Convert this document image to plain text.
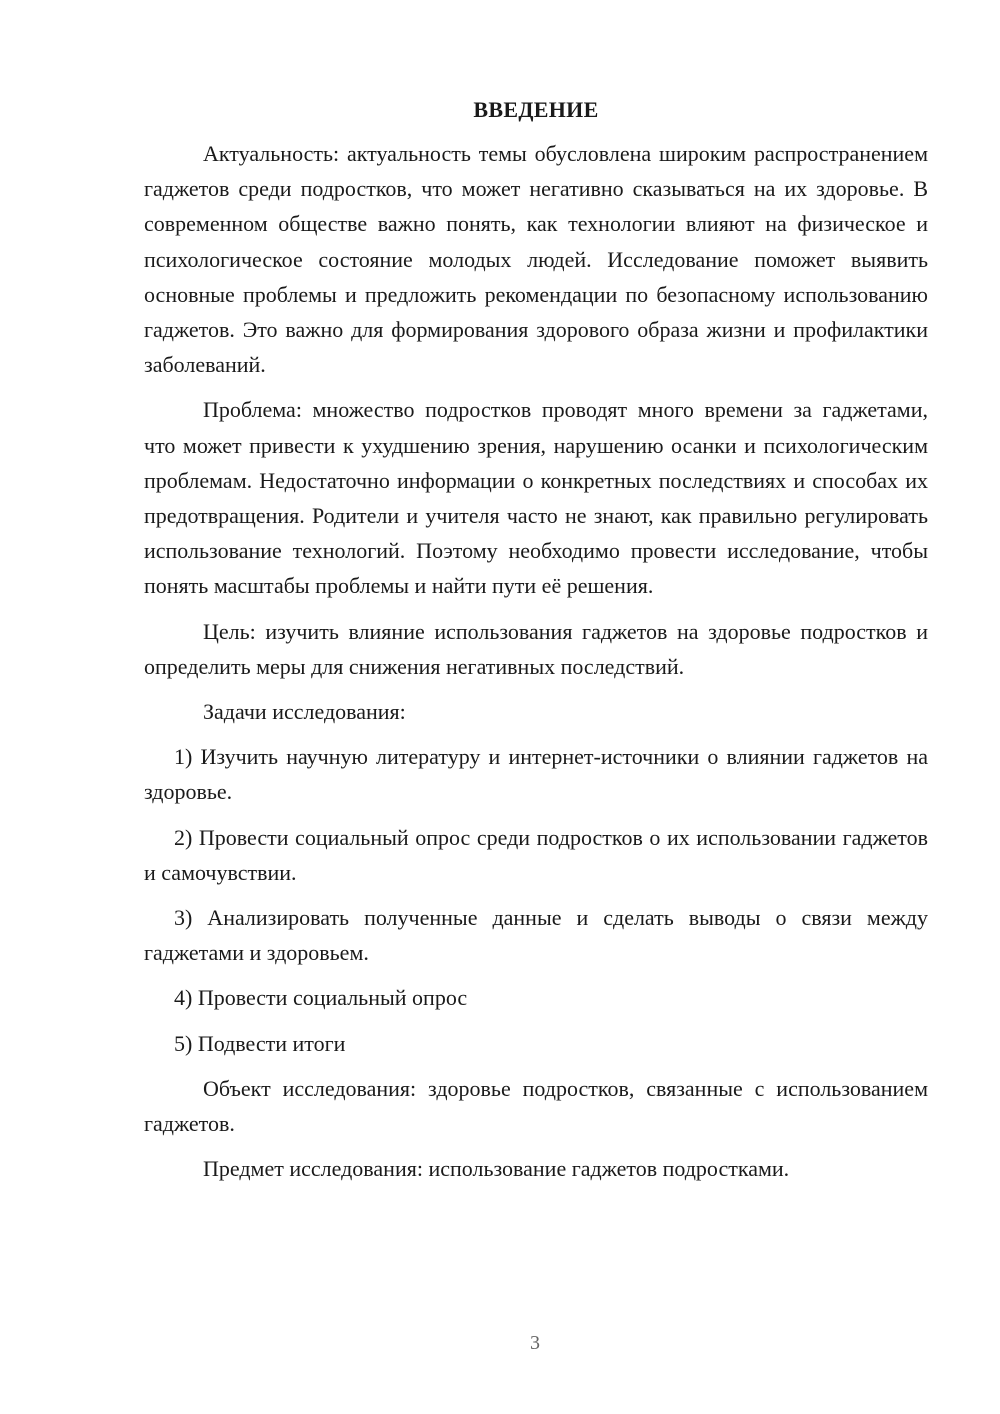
ВВЕДЕНИЕ

Актуальность: актуальность темы обусловлена широким распространением гаджетов среди подростков, что может негативно сказываться на их здоровье. В современном обществе важно понять, как технологии влияют на физическое и психологическое состояние молодых людей. Исследование поможет выявить основные проблемы и предложить рекомендации по безопасному использованию гаджетов. Это важно для формирования здорового образа жизни и профилактики заболеваний.

Проблема: множество подростков проводят много времени за гаджетами, что может привести к ухудшению зрения, нарушению осанки и психологическим проблемам. Недостаточно информации о конкретных последствиях и способах их предотвращения. Родители и учителя часто не знают, как правильно регулировать использование технологий. Поэтому необходимо провести исследование, чтобы понять масштабы проблемы и найти пути её решения.

Цель: изучить влияние использования гаджетов на здоровье подростков и определить меры для снижения негативных последствий.

Задачи исследования:

1) Изучить научную литературу и интернет-источники о влиянии гаджетов на здоровье.

2) Провести социальный опрос среди подростков о их использовании гаджетов и самочувствии.

3) Анализировать полученные данные и сделать выводы о связи между гаджетами и здоровьем.

4) Провести социальный опрос

5) Подвести итоги

Объект исследования: здоровье подростков, связанные с использованием гаджетов.

Предмет исследования: использование гаджетов подростками.

3
